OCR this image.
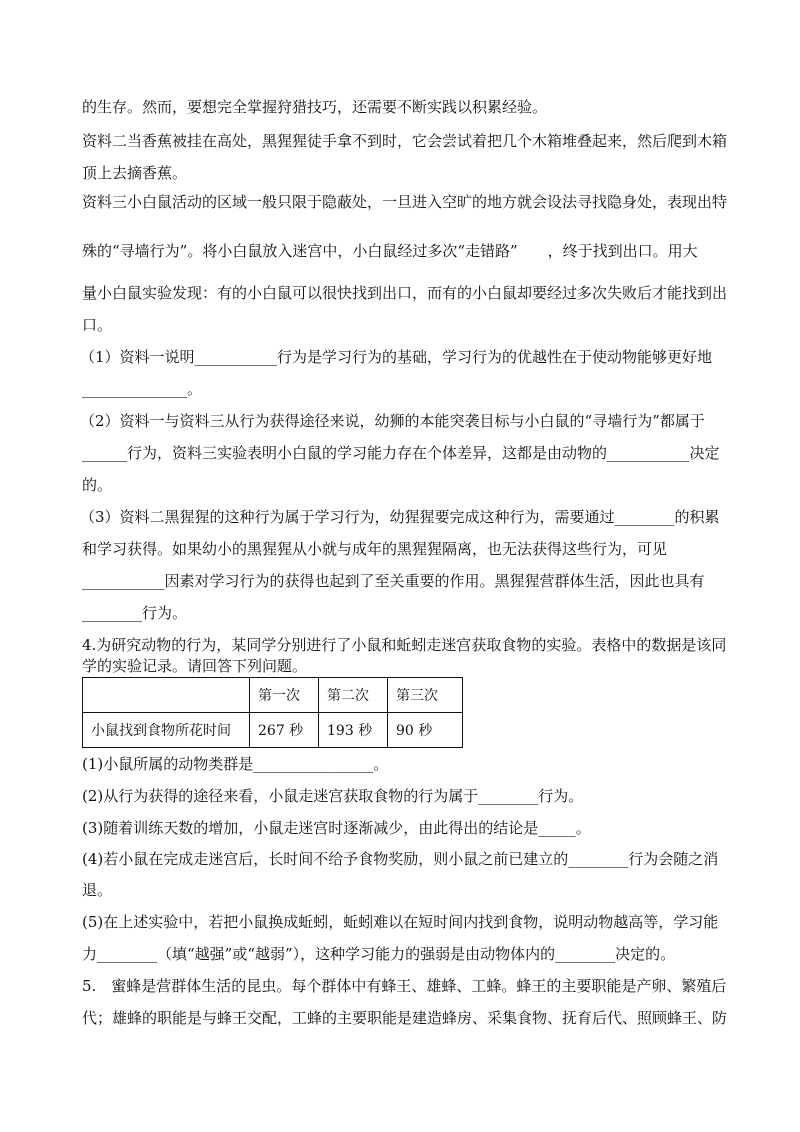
的生存。然而，要想完全掌握狩猎技巧，还需要不断实践以积累经验。
资料二当香蕉被挂在高处，黑猩猩徒手拿不到时，它会尝试着把几个木箱堆叠起来，然后爬到木箱
顶上去摘香蕉。
资料三小白鼠活动的区域一般只限于隐蔽处，一旦进入空旷的地方就会设法寻找隐身处，表现出特
殊的“寻墙行为”。将小白鼠放入迷宫中，小白鼠经过多次“走错路”　　，终于找到出口。用大
量小白鼠实验发现：有的小白鼠可以很快找到出口，而有的小白鼠却要经过多次失败后才能找到出
口。
（1）资料一说明___________行为是学习行为的基础，学习行为的优越性在于使动物能够更好地
______________。
（2）资料一与资料三从行为获得途径来说，幼狮的本能突袭目标与小白鼠的“寻墙行为”都属于
______行为，资料三实验表明小白鼠的学习能力存在个体差异，这都是由动物的___________决定
的。
（3）资料二黑猩猩的这种行为属于学习行为，幼猩猩要完成这种行为，需要通过________的积累
和学习获得。如果幼小的黑猩猩从小就与成年的黑猩猩隔离，也无法获得这些行为，可见
___________因素对学习行为的获得也起到了至关重要的作用。黑猩猩营群体生活，因此也具有
________行为。
4.为研究动物的行为，某同学分别进行了小鼠和蚯蚓走迷宫获取食物的实验。表格中的数据是该同
学的实验记录。请回答下列问题。
	第一次	第二次	第三次
小鼠找到食物所花时间	267 秒	193 秒	90 秒
(1)小鼠所属的动物类群是________________。
(2)从行为获得的途径来看，小鼠走迷宫获取食物的行为属于________行为。
(3)随着训练天数的增加，小鼠走迷宫时逐渐减少，由此得出的结论是_____。
(4)若小鼠在完成走迷宫后，长时间不给予食物奖励，则小鼠之前已建立的________行为会随之消
退。
(5)在上述实验中，若把小鼠换成蚯蚓，蚯蚓难以在短时间内找到食物，说明动物越高等，学习能
力________（填“越强”或“越弱”），这种学习能力的强弱是由动物体内的________决定的。
5.　蜜蜂是营群体生活的昆虫。每个群体中有蜂王、雄蜂、工蜂。蜂王的主要职能是产卵、繁殖后
代；雄蜂的职能是与蜂王交配，工蜂的主要职能是建造蜂房、采集食物、抚育后代、照顾蜂王、防
